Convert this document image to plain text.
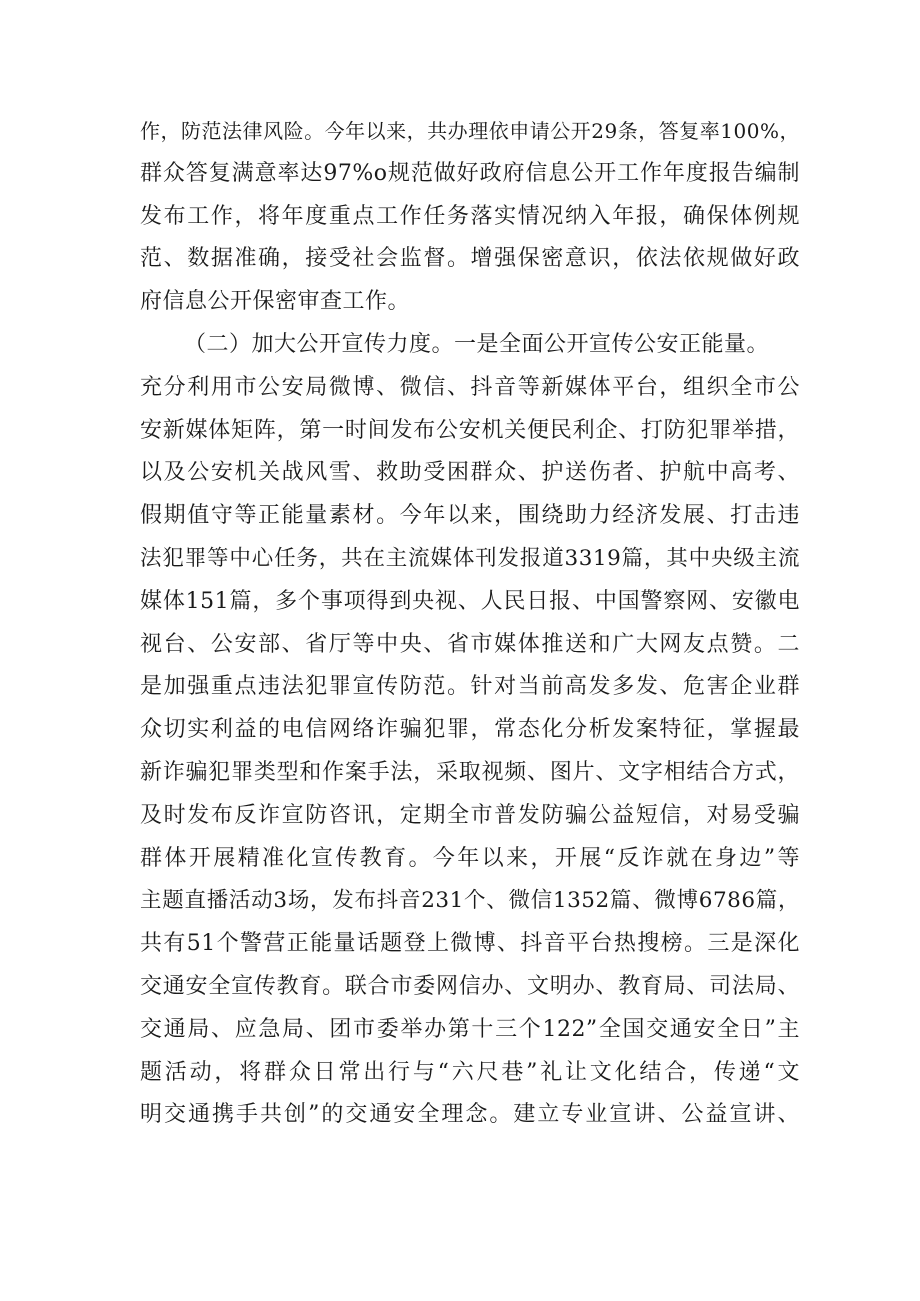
作，防范法律风险。今年以来，共办理依申请公开29条，答复率100%，
群众答复满意率达97%o规范做好政府信息公开工作年度报告编制
发布工作，将年度重点工作任务落实情况纳入年报，确保体例规
范、数据准确，接受社会监督。增强保密意识，依法依规做好政
府信息公开保密审查工作。
（二）加大公开宣传力度。一是全面公开宣传公安正能量。
充分利用市公安局微博、微信、抖音等新媒体平台，组织全市公
安新媒体矩阵，第一时间发布公安机关便民利企、打防犯罪举措，
以及公安机关战风雪、救助受困群众、护送伤者、护航中高考、
假期值守等正能量素材。今年以来，围绕助力经济发展、打击违
法犯罪等中心任务，共在主流媒体刊发报道3319篇，其中央级主流
媒体151篇，多个事项得到央视、人民日报、中国警察网、安徽电
视台、公安部、省厅等中央、省市媒体推送和广大网友点赞。二
是加强重点违法犯罪宣传防范。针对当前高发多发、危害企业群
众切实利益的电信网络诈骗犯罪，常态化分析发案特征，掌握最
新诈骗犯罪类型和作案手法，采取视频、图片、文字相结合方式，
及时发布反诈宣防咨讯，定期全市普发防骗公益短信，对易受骗
群体开展精准化宣传教育。今年以来，开展“反诈就在身边”等
主题直播活动3场，发布抖音231个、微信1352篇、微博6786篇，
共有51个警营正能量话题登上微博、抖音平台热搜榜。三是深化
交通安全宣传教育。联合市委网信办、文明办、教育局、司法局、
交通局、应急局、团市委举办第十三个122”全国交通安全日”主
题活动，将群众日常出行与“六尺巷”礼让文化结合，传递“文
明交通携手共创”的交通安全理念。建立专业宣讲、公益宣讲、
